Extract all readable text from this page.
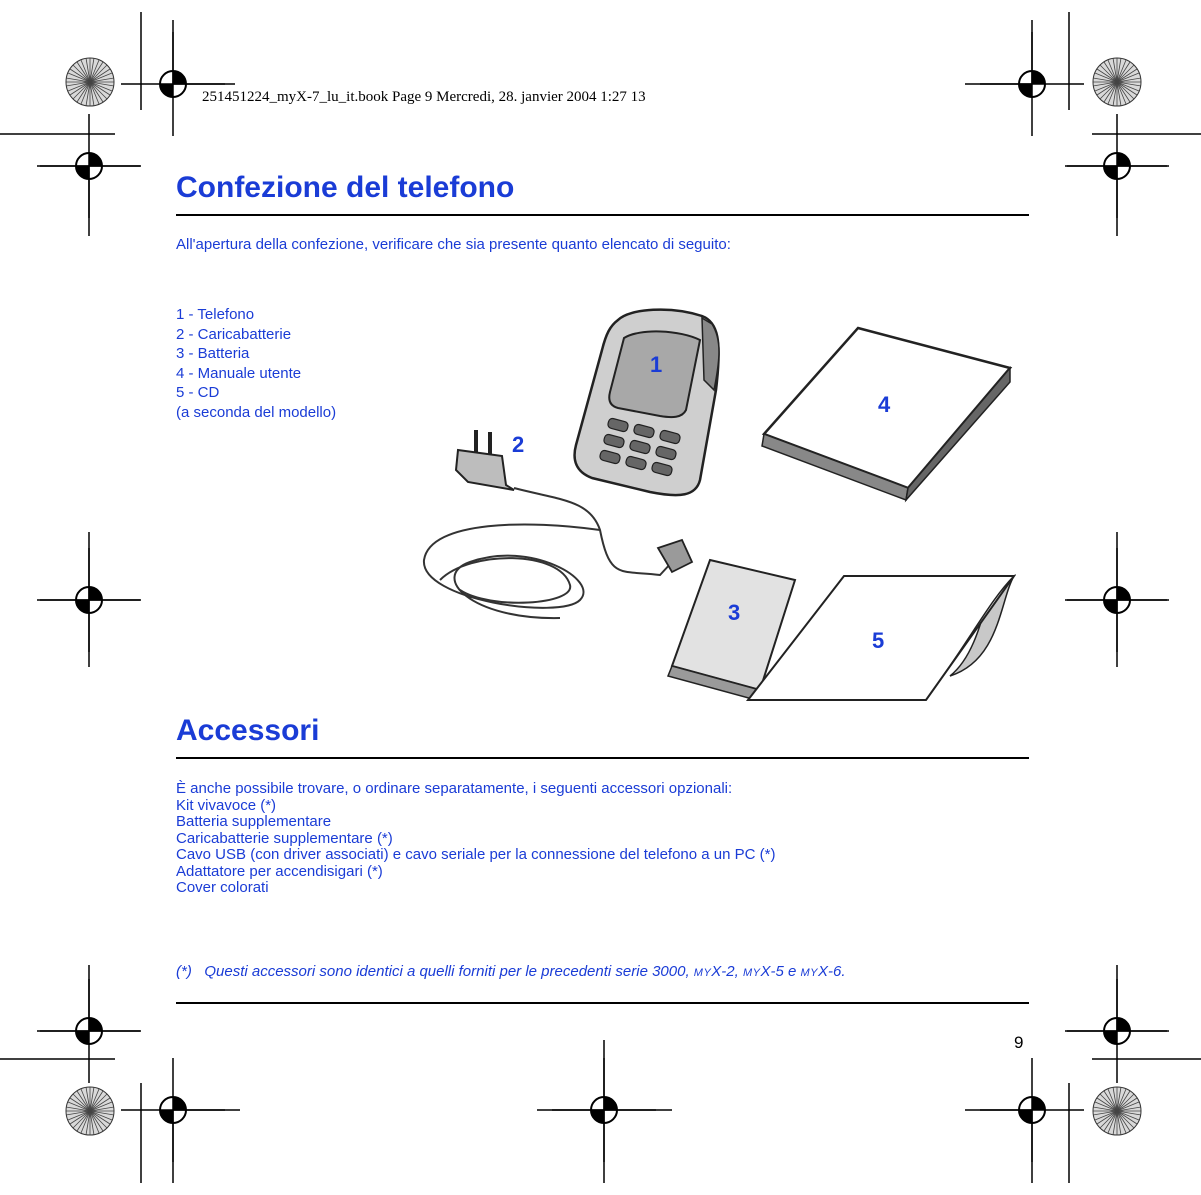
251451224_myX-7_lu_it.book Page 9 Mercredi, 28. janvier 2004 1:27 13
Confezione del telefono
All'apertura della confezione, verificare che sia presente quanto elencato di seguito:
1 - Telefono
2 - Caricabatterie
3 - Batteria
4 - Manuale utente
5 - CD
(a seconda del modello)
1
2
3
4
5
Accessori
È anche possibile trovare, o ordinare separatamente, i seguenti accessori opzionali:
Kit vivavoce (*)
Batteria supplementare
Caricabatterie supplementare (*)
Cavo USB (con driver associati) e cavo seriale per la connessione del telefono a un PC (*)
Adattatore per accendisigari (*)
Cover colorati
(*) Questi accessori sono identici a quelli forniti per le precedenti serie 3000, MYX-2, MYX-5 e MYX-6.
9
